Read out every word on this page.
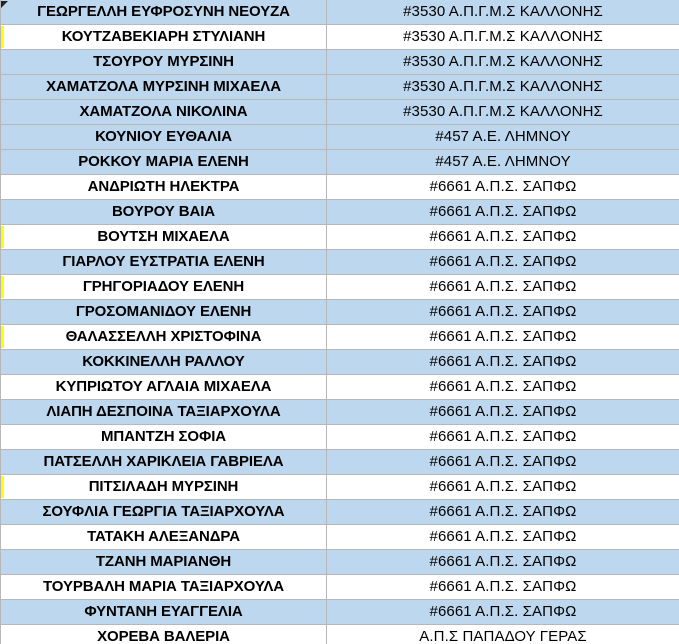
ΓΕΩΡΓΕΛΛΗ ΕΥΦΡΟΣΥΝΗ ΝΕΟΥΖΑ	#3530 Α.Π.Γ.Μ.Σ ΚΑΛΛΟΝΗΣ
ΚΟΥΤΖΑΒΕΚΙΑΡΗ ΣΤΥΛΙΑΝΗ	#3530 Α.Π.Γ.Μ.Σ ΚΑΛΛΟΝΗΣ
ΤΣΟΥΡΟΥ ΜΥΡΣΙΝΗ	#3530 Α.Π.Γ.Μ.Σ ΚΑΛΛΟΝΗΣ
ΧΑΜΑΤΖΟΛΑ ΜΥΡΣΙΝΗ ΜΙΧΑΕΛΑ	#3530 Α.Π.Γ.Μ.Σ ΚΑΛΛΟΝΗΣ
ΧΑΜΑΤΖΟΛΑ ΝΙΚΟΛΙΝΑ	#3530 Α.Π.Γ.Μ.Σ ΚΑΛΛΟΝΗΣ
ΚΟΥΝΙΟΥ ΕΥΘΑΛΙΑ	#457 Α.Ε. ΛΗΜΝΟΥ
ΡΟΚΚΟΥ ΜΑΡΙΑ ΕΛΕΝΗ	#457 Α.Ε. ΛΗΜΝΟΥ
ΑΝΔΡΙΩΤΗ ΗΛΕΚΤΡΑ	#6661 Α.Π.Σ. ΣΑΠΦΩ
ΒΟΥΡΟΥ ΒΑΙΑ	#6661 Α.Π.Σ. ΣΑΠΦΩ
ΒΟΥΤΣΗ ΜΙΧΑΕΛΑ	#6661 Α.Π.Σ. ΣΑΠΦΩ
ΓΙΑΡΛΟΥ ΕΥΣΤΡΑΤΙΑ ΕΛΕΝΗ	#6661 Α.Π.Σ. ΣΑΠΦΩ
ΓΡΗΓΟΡΙΑΔΟΥ ΕΛΕΝΗ	#6661 Α.Π.Σ. ΣΑΠΦΩ
ΓΡΟΣΟΜΑΝΙΔΟΥ ΕΛΕΝΗ	#6661 Α.Π.Σ. ΣΑΠΦΩ
ΘΑΛΑΣΣΕΛΛΗ ΧΡΙΣΤΟΦΙΝΑ	#6661 Α.Π.Σ. ΣΑΠΦΩ
ΚΟΚΚΙΝΕΛΛΗ ΡΑΛΛΟΥ	#6661 Α.Π.Σ. ΣΑΠΦΩ
ΚΥΠΡΙΩΤΟΥ ΑΓΛΑΙΑ ΜΙΧΑΕΛΑ	#6661 Α.Π.Σ. ΣΑΠΦΩ
ΛΙΑΠΗ ΔΕΣΠΟΙΝΑ ΤΑΞΙΑΡΧΟΥΛΑ	#6661 Α.Π.Σ. ΣΑΠΦΩ
ΜΠΑΝΤΖΗ ΣΟΦΙΑ	#6661 Α.Π.Σ. ΣΑΠΦΩ
ΠΑΤΣΕΛΛΗ ΧΑΡΙΚΛΕΙΑ ΓΑΒΡΙΕΛΑ	#6661 Α.Π.Σ. ΣΑΠΦΩ
ΠΙΤΣΙΛΑΔΗ ΜΥΡΣΙΝΗ	#6661 Α.Π.Σ. ΣΑΠΦΩ
ΣΟΥΦΛΙΑ ΓΕΩΡΓΙΑ ΤΑΞΙΑΡΧΟΥΛΑ	#6661 Α.Π.Σ. ΣΑΠΦΩ
ΤΑΤΑΚΗ ΑΛΕΞΑΝΔΡΑ	#6661 Α.Π.Σ. ΣΑΠΦΩ
ΤΖΑΝΗ ΜΑΡΙΑΝΘΗ	#6661 Α.Π.Σ. ΣΑΠΦΩ
ΤΟΥΡΒΑΛΗ ΜΑΡΙΑ ΤΑΞΙΑΡΧΟΥΛΑ	#6661 Α.Π.Σ. ΣΑΠΦΩ
ΦΥΝΤΑΝΗ ΕΥΑΓΓΕΛΙΑ	#6661 Α.Π.Σ. ΣΑΠΦΩ
ΧΟΡΕΒΑ ΒΑΛΕΡΙΑ	Α.Π.Σ ΠΑΠΑΔΟΥ ΓΕΡΑΣ
